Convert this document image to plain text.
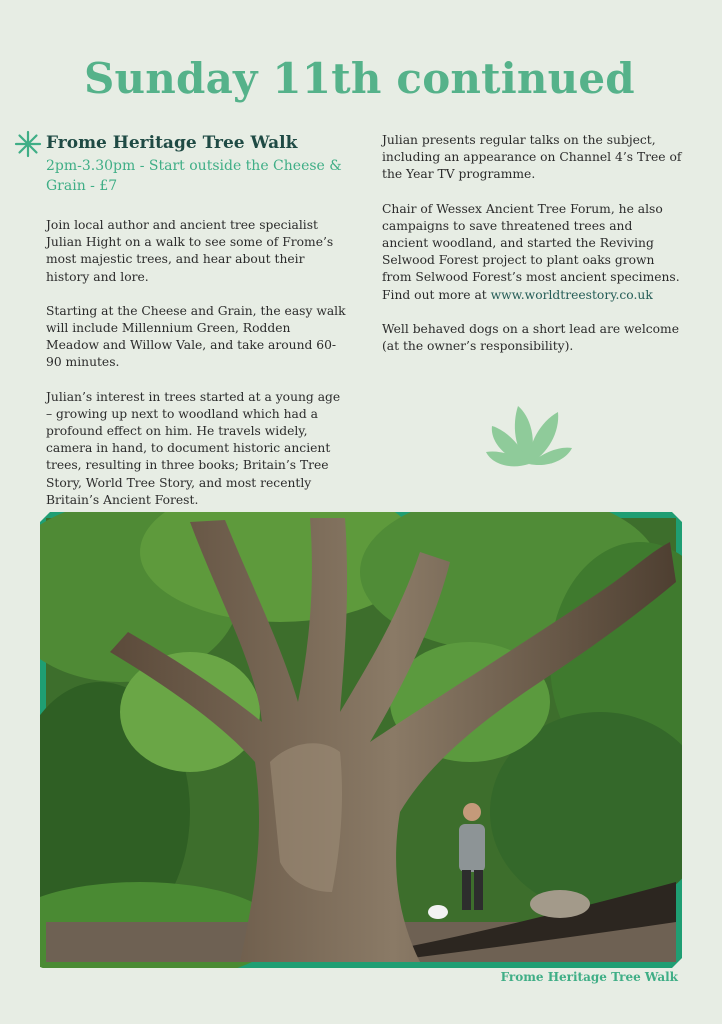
Sunday 11th continued
Frome Heritage Tree Walk

2pm-3.30pm - Start outside the Cheese & Grain - £7

Join local author and ancient tree specialist Julian Hight on a walk to see some of Frome’s most majestic trees, and hear about their history and lore.

Starting at the Cheese and Grain, the easy walk will include Millennium Green, Rodden Meadow and Willow Vale, and take around 60-90 minutes.

Julian’s interest in trees started at a young age – growing up next to woodland which had a profound effect on him. He travels widely, camera in hand, to document historic ancient trees, resulting in three books; Britain’s Tree Story, World Tree Story, and most recently Britain’s Ancient Forest.

Julian presents regular talks on the subject, including an appearance on Channel 4’s Tree of the Year TV programme.

Chair of Wessex Ancient Tree Forum, he also campaigns to save threatened trees and ancient woodland, and started the Reviving Selwood Forest project to plant oaks grown from Selwood Forest’s most ancient specimens. Find out more at www.worldtreestory.co.uk

Well behaved dogs on a short lead are welcome (at the owner’s responsibility).

Frome Heritage Tree Walk
